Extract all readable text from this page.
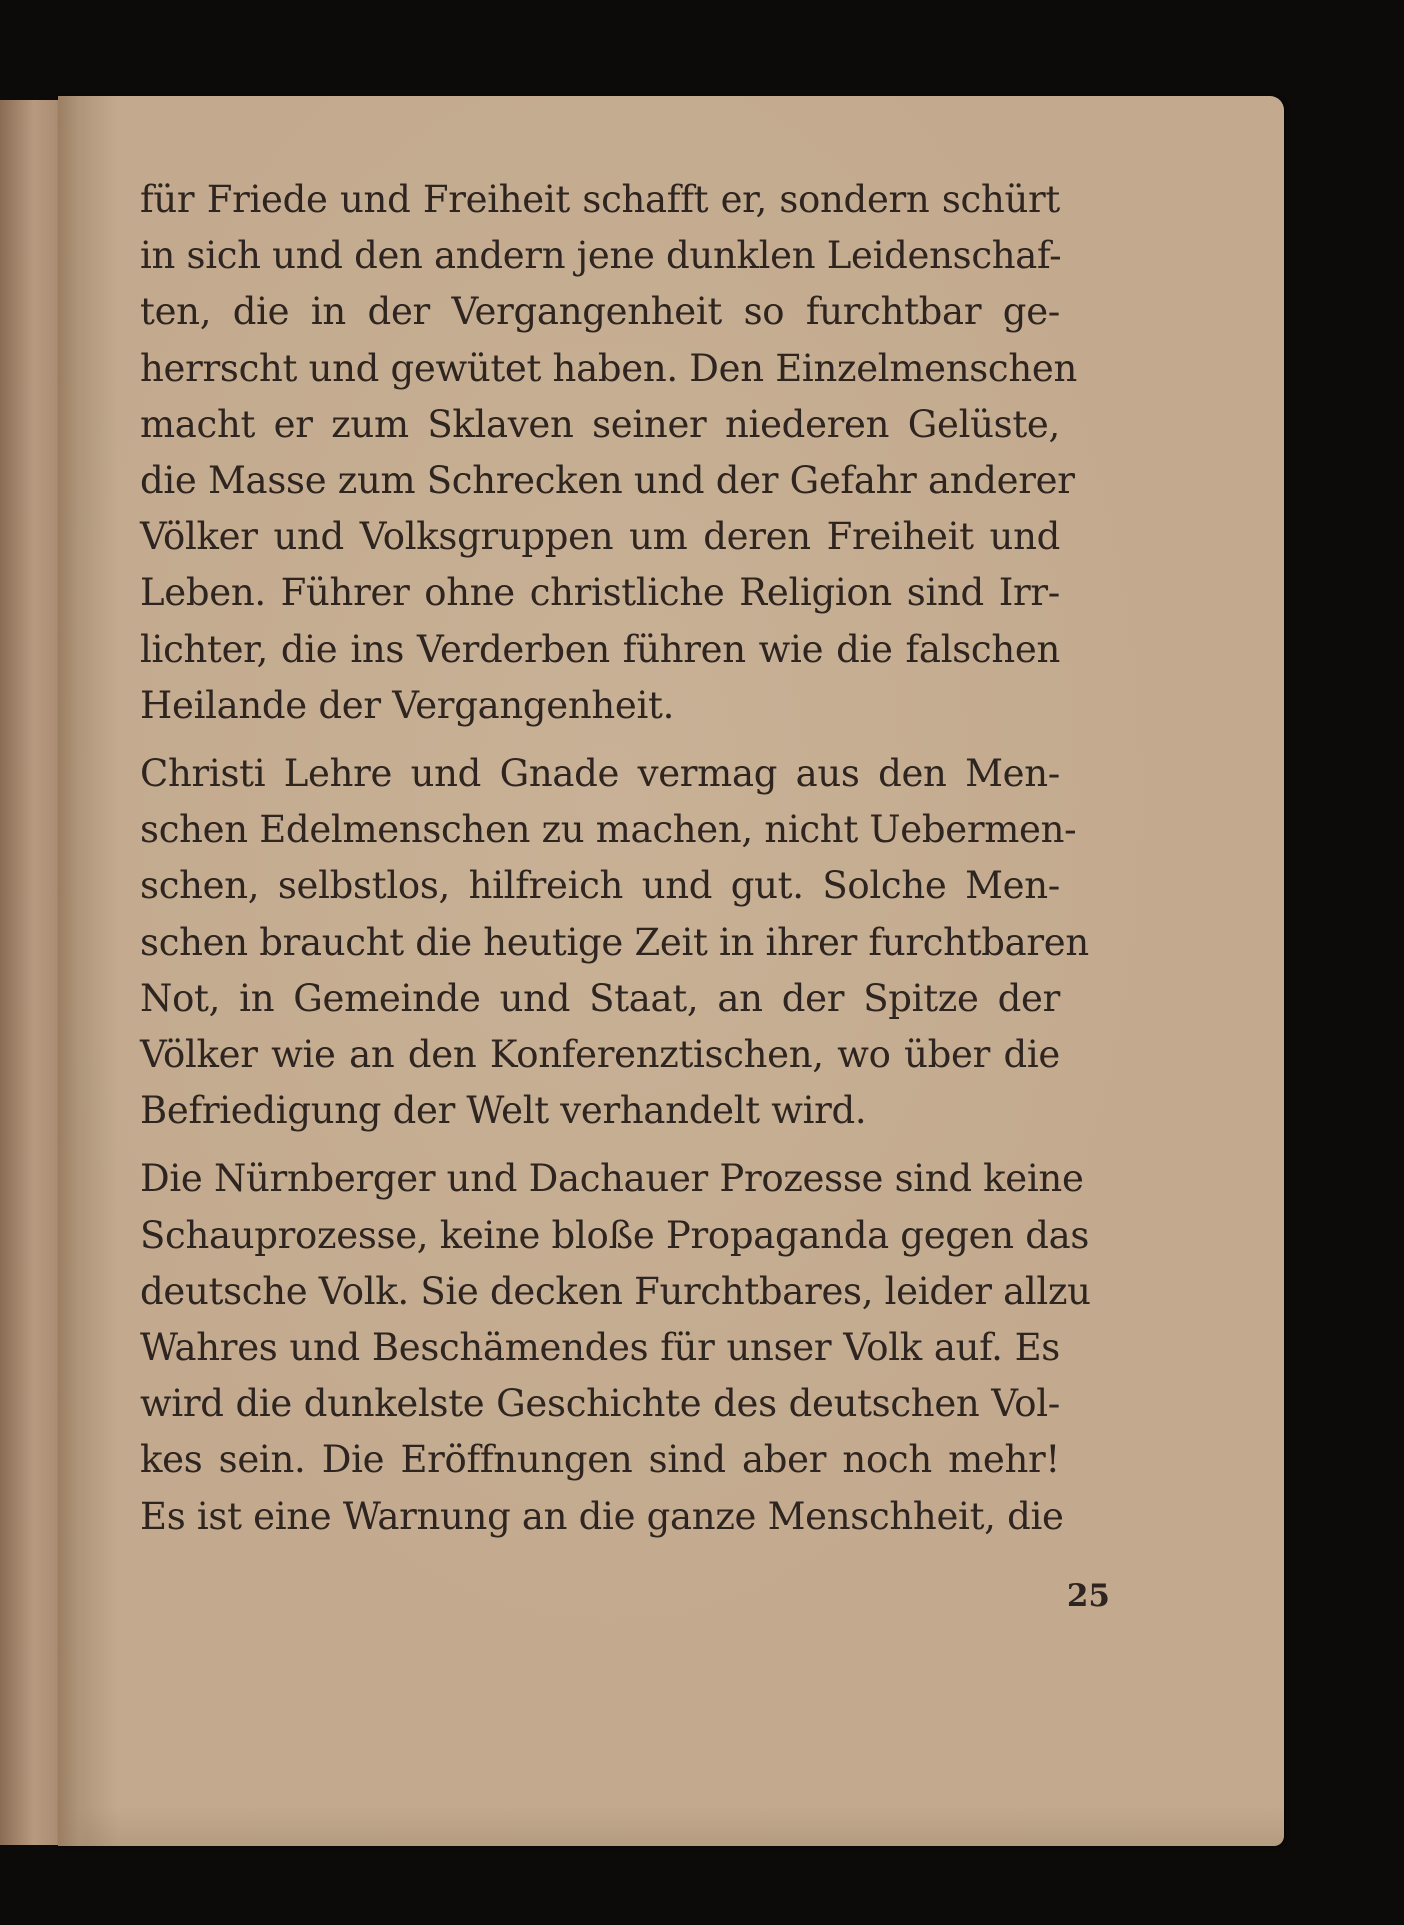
für Friede und Freiheit schafft er, sondern schürt
in sich und den andern jene dunklen Leidenschaf-
ten, die in der Vergangenheit so furchtbar ge-
herrscht und gewütet haben. Den Einzelmenschen
macht er zum Sklaven seiner niederen Gelüste,
die Masse zum Schrecken und der Gefahr anderer
Völker und Volksgruppen um deren Freiheit und
Leben. Führer ohne christliche Religion sind Irr-
lichter, die ins Verderben führen wie die falschen
Heilande der Vergangenheit.
Christi Lehre und Gnade vermag aus den Men-
schen Edelmenschen zu machen, nicht Uebermen-
schen, selbstlos, hilfreich und gut. Solche Men-
schen braucht die heutige Zeit in ihrer furchtbaren
Not, in Gemeinde und Staat, an der Spitze der
Völker wie an den Konferenztischen, wo über die
Befriedigung der Welt verhandelt wird.
Die Nürnberger und Dachauer Prozesse sind keine
Schauprozesse, keine bloße Propaganda gegen das
deutsche Volk. Sie decken Furchtbares, leider allzu
Wahres und Beschämendes für unser Volk auf. Es
wird die dunkelste Geschichte des deutschen Vol-
kes sein. Die Eröffnungen sind aber noch mehr!
Es ist eine Warnung an die ganze Menschheit, die
25
